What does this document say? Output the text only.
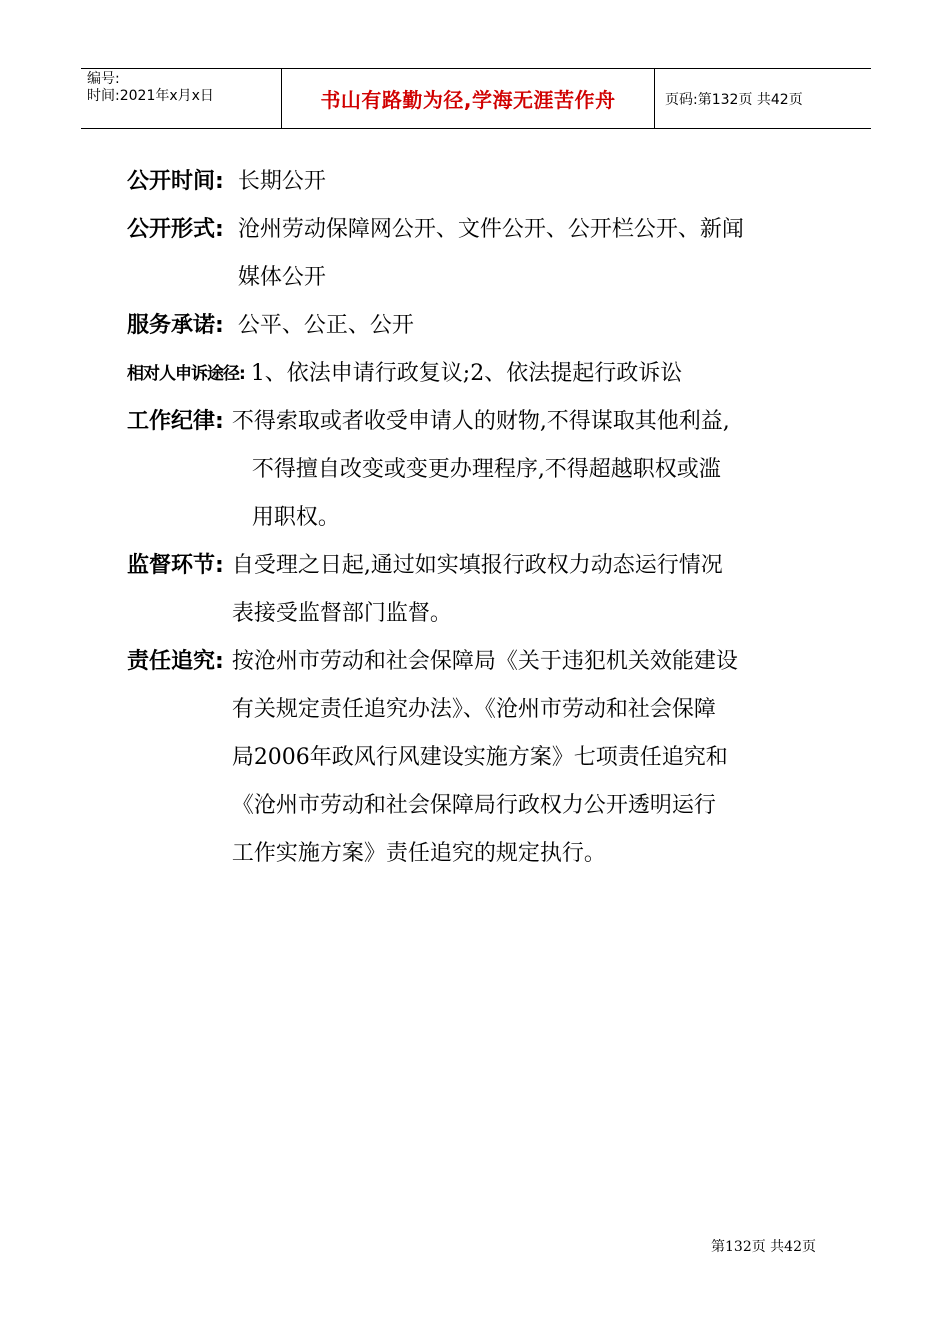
编号:
时间:2021年x月x日	书山有路勤为径,学海无涯苦作舟	页码:第132页 共42页
公开时间: 长期公开
公开形式: 沧州劳动保障网公开、文件公开、公开栏公开、新闻
媒体公开
服务承诺: 公平、公正、公开
相对人申诉途径: 1、依法申请行政复议;2、依法提起行政诉讼
工作纪律: 不得索取或者收受申请人的财物,不得谋取其他利益,
不得擅自改变或变更办理程序,不得超越职权或滥
用职权。
监督环节: 自受理之日起,通过如实填报行政权力动态运行情况
表接受监督部门监督。
责任追究: 按沧州市劳动和社会保障局《关于违犯机关效能建设
有关规定责任追究办法》、《沧州市劳动和社会保障
局2006年政风行风建设实施方案》七项责任追究和
《沧州市劳动和社会保障局行政权力公开透明运行
工作实施方案》责任追究的规定执行。
第132页 共42页
